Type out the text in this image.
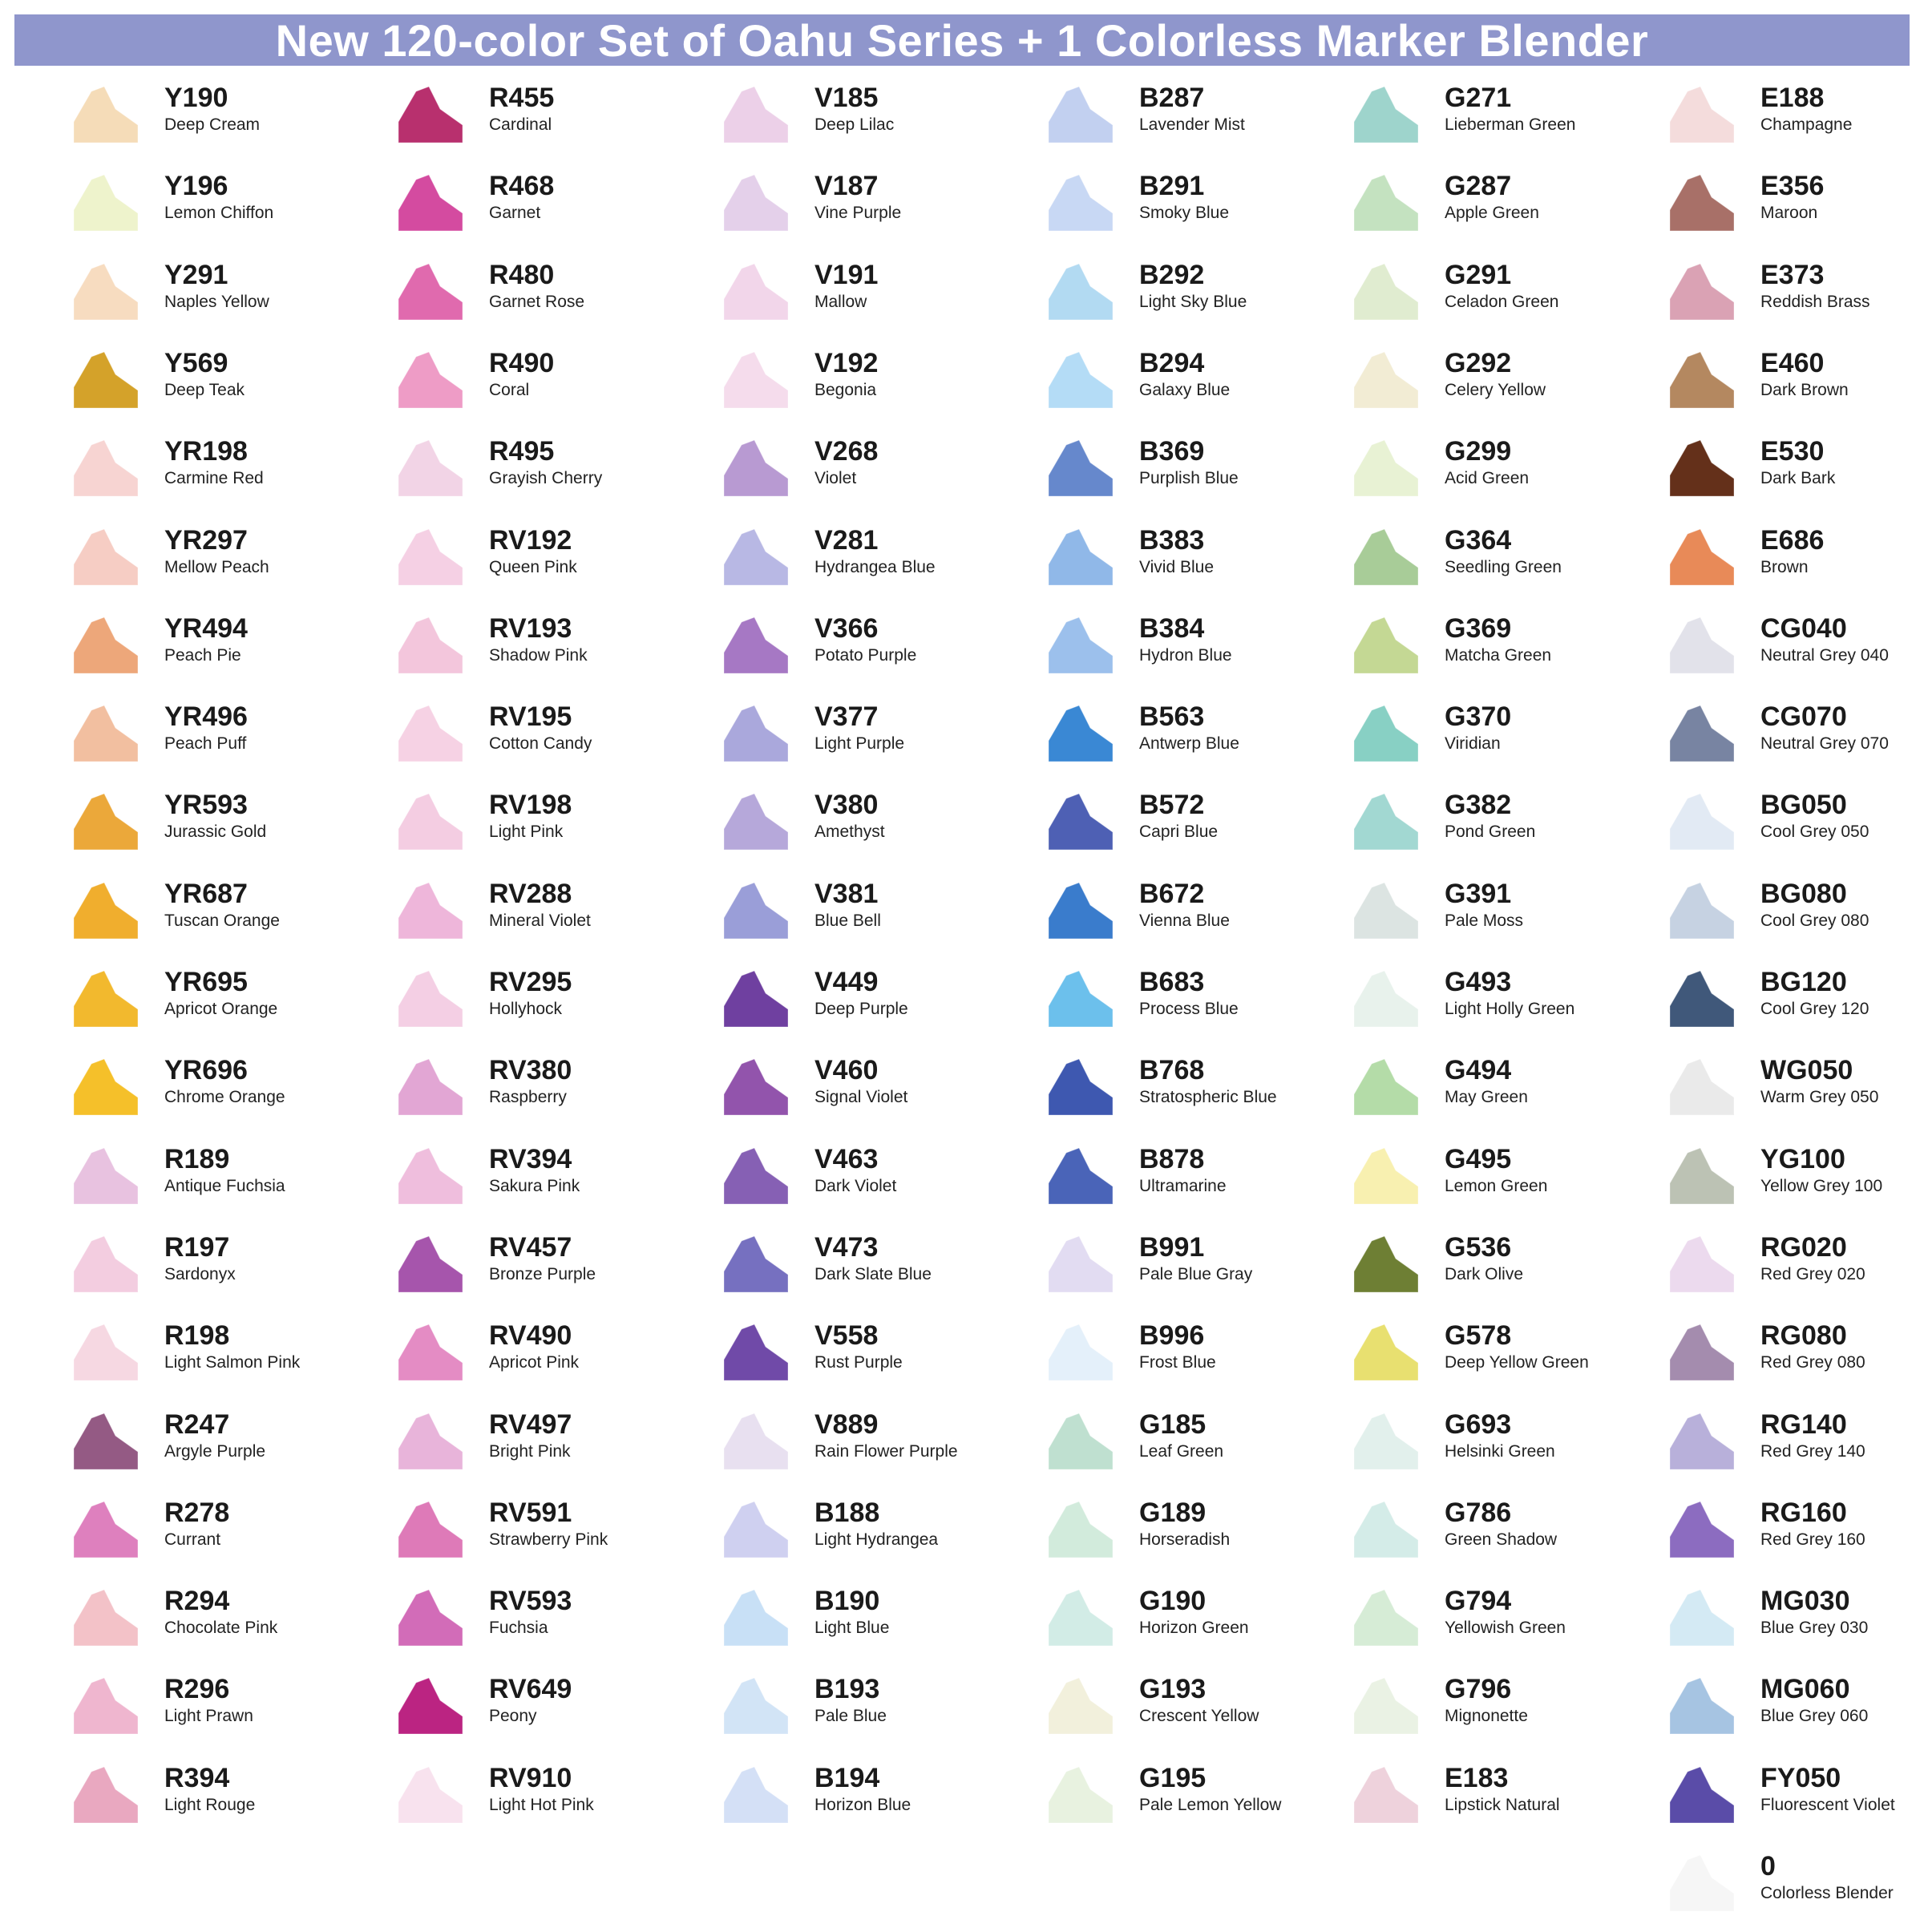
New 120-color Set of Oahu Series + 1 Colorless Marker Blender
Y190
Deep Cream
Y196
Lemon Chiffon
Y291
Naples Yellow
Y569
Deep Teak
YR198
Carmine Red
YR297
Mellow Peach
YR494
Peach Pie
YR496
Peach Puff
YR593
Jurassic Gold
YR687
Tuscan Orange
YR695
Apricot Orange
YR696
Chrome Orange
R189
Antique Fuchsia
R197
Sardonyx
R198
Light Salmon Pink
R247
Argyle Purple
R278
Currant
R294
Chocolate Pink
R296
Light Prawn
R394
Light Rouge
R455
Cardinal
R468
Garnet
R480
Garnet Rose
R490
Coral
R495
Grayish Cherry
RV192
Queen Pink
RV193
Shadow Pink
RV195
Cotton Candy
RV198
Light Pink
RV288
Mineral Violet
RV295
Hollyhock
RV380
Raspberry
RV394
Sakura Pink
RV457
Bronze Purple
RV490
Apricot Pink
RV497
Bright Pink
RV591
Strawberry Pink
RV593
Fuchsia
RV649
Peony
RV910
Light Hot Pink
V185
Deep Lilac
V187
Vine Purple
V191
Mallow
V192
Begonia
V268
Violet
V281
Hydrangea Blue
V366
Potato Purple
V377
Light Purple
V380
Amethyst
V381
Blue Bell
V449
Deep Purple
V460
Signal Violet
V463
Dark Violet
V473
Dark Slate Blue
V558
Rust Purple
V889
Rain Flower Purple
B188
Light Hydrangea
B190
Light Blue
B193
Pale Blue
B194
Horizon Blue
B287
Lavender Mist
B291
Smoky Blue
B292
Light Sky Blue
B294
Galaxy Blue
B369
Purplish Blue
B383
Vivid Blue
B384
Hydron Blue
B563
Antwerp Blue
B572
Capri Blue
B672
Vienna Blue
B683
Process Blue
B768
Stratospheric Blue
B878
Ultramarine
B991
Pale Blue Gray
B996
Frost Blue
G185
Leaf Green
G189
Horseradish
G190
Horizon Green
G193
Crescent Yellow
G195
Pale Lemon Yellow
G271
Lieberman Green
G287
Apple Green
G291
Celadon Green
G292
Celery Yellow
G299
Acid Green
G364
Seedling Green
G369
Matcha Green
G370
Viridian
G382
Pond Green
G391
Pale Moss
G493
Light Holly Green
G494
May Green
G495
Lemon Green
G536
Dark Olive
G578
Deep Yellow Green
G693
Helsinki Green
G786
Green Shadow
G794
Yellowish Green
G796
Mignonette
E183
Lipstick Natural
E188
Champagne
E356
Maroon
E373
Reddish Brass
E460
Dark Brown
E530
Dark Bark
E686
Brown
CG040
Neutral Grey 040
CG070
Neutral Grey 070
BG050
Cool Grey 050
BG080
Cool Grey 080
BG120
Cool Grey 120
WG050
Warm Grey 050
YG100
Yellow Grey 100
RG020
Red Grey 020
RG080
Red Grey 080
RG140
Red Grey 140
RG160
Red Grey 160
MG030
Blue Grey 030
MG060
Blue Grey 060
FY050
Fluorescent Violet
0
Colorless Blender
